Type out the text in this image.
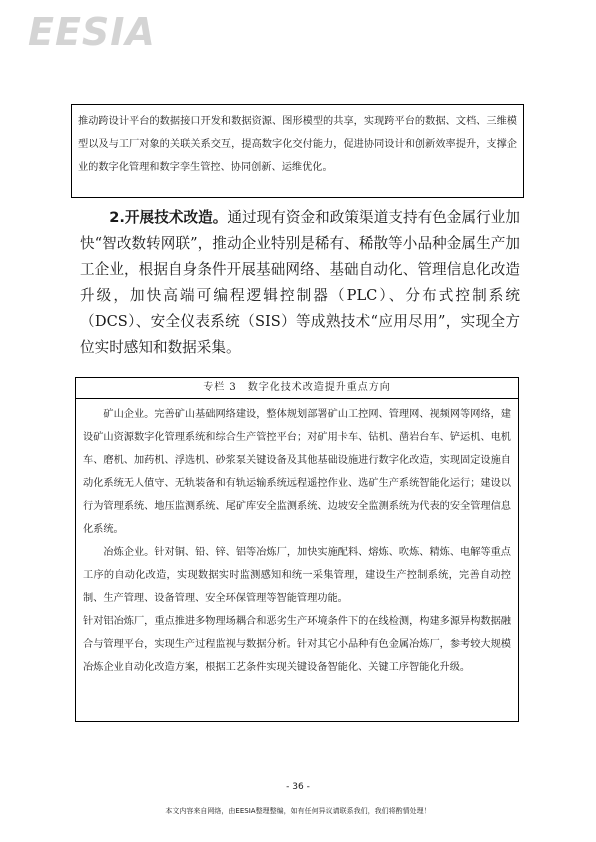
EESIA
推动跨设计平台的数据接口开发和数据资源、图形模型的共享，实现跨平台的数据、文档、三维模型以及与工厂对象的关联关系交互，提高数字化交付能力，促进协同设计和创新效率提升，支撑企业的数字化管理和数字孪生管控、协同创新、运维优化。

2.开展技术改造。通过现有资金和政策渠道支持有色金属行业加快“智改数转网联”，推动企业特别是稀有、稀散等小品种金属生产加工企业，根据自身条件开展基础网络、基础自动化、管理信息化改造升级，加快高端可编程逻辑控制器（PLC）、分布式控制系统（DCS）、安全仪表系统（SIS）等成熟技术“应用尽用”，实现全方位实时感知和数据采集。

专栏 3　数字化技术改造提升重点方向

矿山企业。完善矿山基础网络建设，整体规划部署矿山工控网、管理网、视频网等网络，建设矿山资源数字化管理系统和综合生产管控平台；对矿用卡车、钻机、凿岩台车、铲运机、电机车、磨机、加药机、浮选机、砂浆泵关键设备及其他基础设施进行数字化改造，实现固定设施自动化系统无人值守、无轨装备和有轨运输系统远程遥控作业、选矿生产系统智能化运行；建设以行为管理系统、地压监测系统、尾矿库安全监测系统、边坡安全监测系统为代表的安全管理信息化系统。

冶炼企业。针对铜、铅、锌、铝等冶炼厂，加快实施配料、熔炼、吹炼、精炼、电解等重点工序的自动化改造，实现数据实时监测感知和统一采集管理，建设生产控制系统，完善自动控制、生产管理、设备管理、安全环保管理等智能管理功能。

针对铝冶炼厂，重点推进多物理场耦合和恶劣生产环境条件下的在线检测，构建多源异构数据融合与管理平台，实现生产过程监视与数据分析。针对其它小品种有色金属冶炼厂，参考较大规模冶炼企业自动化改造方案，根据工艺条件实现关键设备智能化、关键工序智能化升级。

- 36 -
本文内容来自网络，由EESIA整理整编，如有任何异议请联系我们，我们将酌情处理！
